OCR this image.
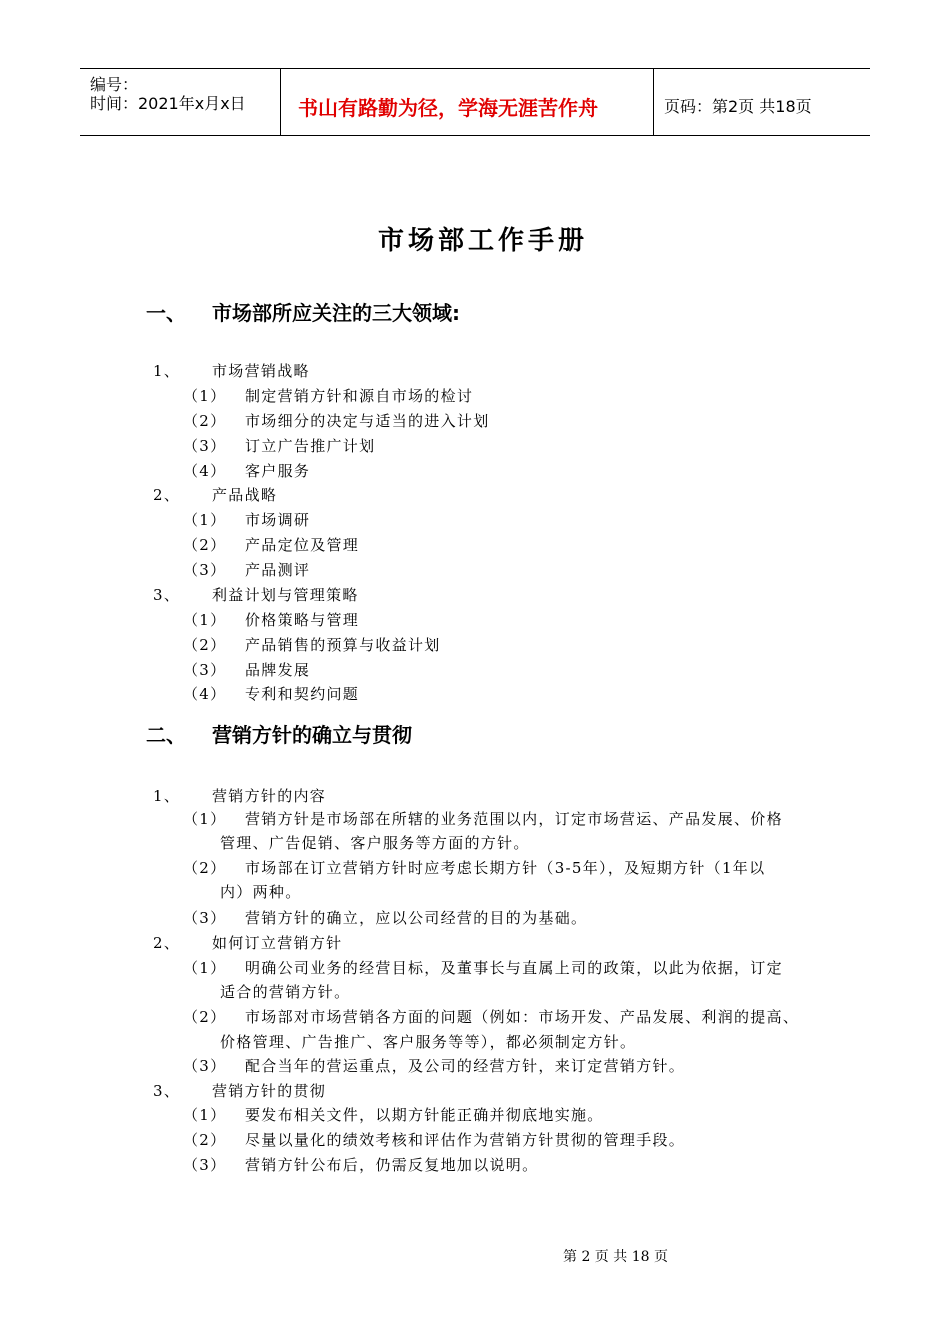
编号：
时间：2021年x月x日	书山有路勤为径，学海无涯苦作舟	页码：第2页 共18页
市场部工作手册
一、 市场部所应关注的三大领域:
1、 市场营销战略
（1） 制定营销方针和源自市场的检讨
（2） 市场细分的决定与适当的进入计划
（3） 订立广告推广计划
（4） 客户服务
2、 产品战略
（1） 市场调研
（2） 产品定位及管理
（3） 产品测评
3、 利益计划与管理策略
（1） 价格策略与管理
（2） 产品销售的预算与收益计划
（3） 品牌发展
（4） 专利和契约问题
二、 营销方针的确立与贯彻
1、 营销方针的内容
（1） 营销方针是市场部在所辖的业务范围以内，订定市场营运、产品发展、价格
管理、广告促销、客户服务等方面的方针。
（2） 市场部在订立营销方针时应考虑长期方针（3-5年），及短期方针（1年以
内）两种。
（3） 营销方针的确立，应以公司经营的目的为基础。
2、 如何订立营销方针
（1） 明确公司业务的经营目标，及董事长与直属上司的政策，以此为依据，订定
适合的营销方针。
（2） 市场部对市场营销各方面的问题（例如：市场开发、产品发展、利润的提高、
价格管理、广告推广、客户服务等等），都必须制定方针。
（3） 配合当年的营运重点，及公司的经营方针，来订定营销方针。
3、 营销方针的贯彻
（1） 要发布相关文件，以期方针能正确并彻底地实施。
（2） 尽量以量化的绩效考核和评估作为营销方针贯彻的管理手段。
（3） 营销方针公布后，仍需反复地加以说明。
第 2 页 共 18 页
